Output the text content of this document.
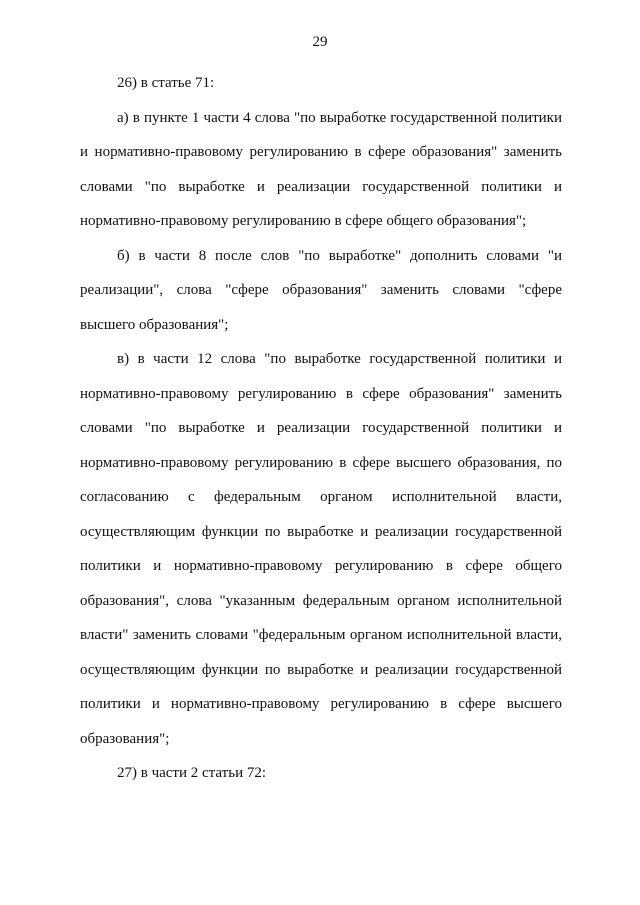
29

26) в статье 71:

а) в пункте 1 части 4 слова "по выработке государственной политики и нормативно-правовому регулированию в сфере образования" заменить словами "по выработке и реализации государственной политики и нормативно-правовому регулированию в сфере общего образования";

б) в части 8 после слов "по выработке" дополнить словами "и реализации", слова "сфере образования" заменить словами "сфере высшего образования";

в) в части 12 слова "по выработке государственной политики и нормативно-правовому регулированию в сфере образования" заменить словами "по выработке и реализации государственной политики и нормативно-правовому регулированию в сфере высшего образования, по согласованию с федеральным органом исполнительной власти, осуществляющим функции по выработке и реализации государственной политики и нормативно-правовому регулированию в сфере общего образования", слова "указанным федеральным органом исполнительной власти" заменить словами "федеральным органом исполнительной власти, осуществляющим функции по выработке и реализации государственной политики и нормативно-правовому регулированию в сфере высшего образования";

27) в части 2 статьи 72:
